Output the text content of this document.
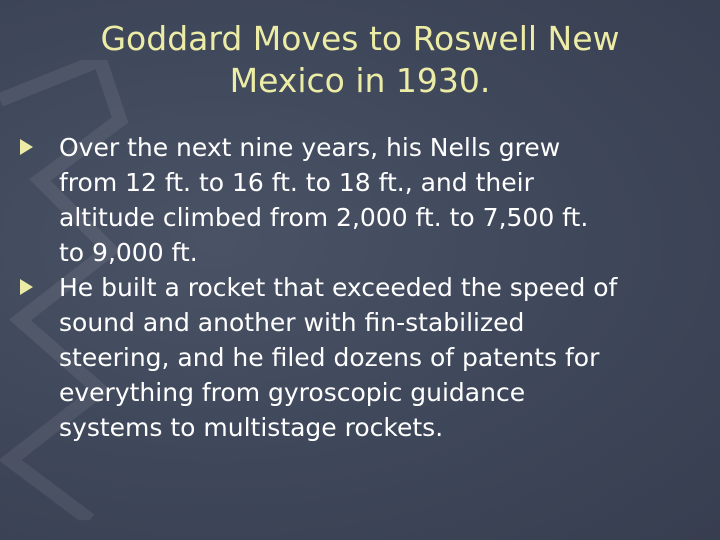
Goddard Moves to Roswell New
Mexico in 1930.
Over the next nine years, his Nells grew
from 12 ft. to 16 ft. to 18 ft., and their
altitude climbed from 2,000 ft. to 7,500 ft.
to 9,000 ft.
He built a rocket that exceeded the speed of
sound and another with fin-stabilized
steering, and he filed dozens of patents for
everything from gyroscopic guidance
systems to multistage rockets.
